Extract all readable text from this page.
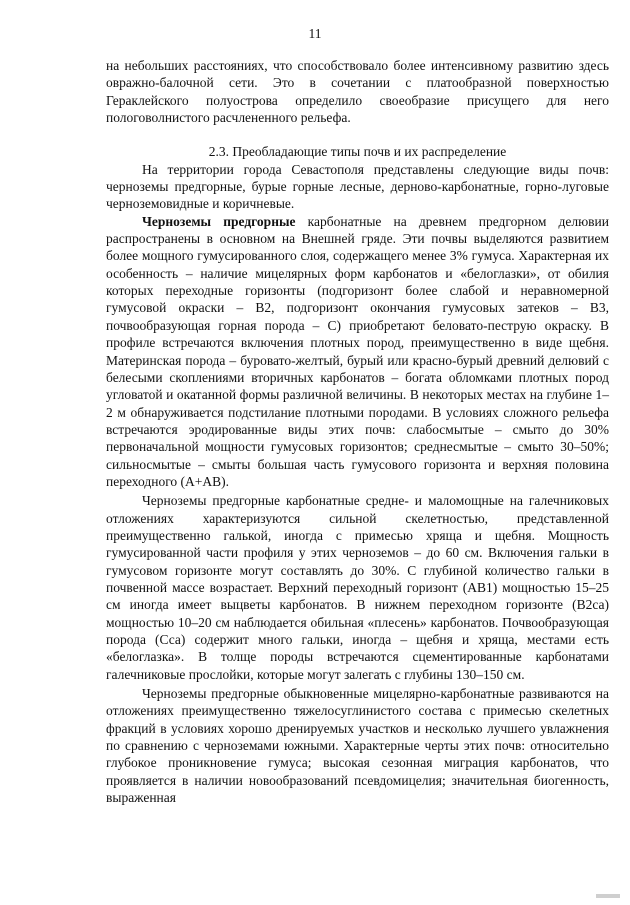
11

на небольших расстояниях, что способствовало более интенсивному развитию здесь овражно-балочной сети. Это в сочетании с платообразной поверхностью Гераклейского полуострова определило своеобразие присущего для него пологоволнистого расчлененного рельефа.

2.3. Преобладающие типы почв и их распределение

На территории города Севастополя представлены следующие виды почв: черноземы предгорные, бурые горные лесные, дерново-карбонатные, горно-луговые черноземовидные и коричневые.

Черноземы предгорные карбонатные на древнем предгорном делювии распространены в основном на Внешней гряде. Эти почвы выделяются развитием более мощного гумусированного слоя, содержащего менее 3% гумуса. Характерная их особенность – наличие мицелярных форм карбонатов и «белоглазки», от обилия которых переходные горизонты (подгоризонт более слабой и неравномерной гумусовой окраски – В2, подгоризонт окончания гумусовых затеков – В3, почвообразующая горная порода – С) приобретают беловато-пеструю окраску. В профиле встречаются включения плотных пород, преимущественно в виде щебня. Материнская порода – буровато-желтый, бурый или красно-бурый древний делювий с белесыми скоплениями вторичных карбонатов – богата обломками плотных пород угловатой и окатанной формы различной величины. В некоторых местах на глубине 1–2 м обнаруживается подстилание плотными породами. В условиях сложного рельефа встречаются эродированные виды этих почв: слабосмытые – смыто до 30% первоначальной мощности гумусовых горизонтов; среднесмытые – смыто 30–50%; сильносмытые – смыты большая часть гумусового горизонта и верхняя половина переходного (А+АВ).

Черноземы предгорные карбонатные средне- и маломощные на галечниковых отложениях характеризуются сильной скелетностью, представленной преимущественно галькой, иногда с примесью хряща и щебня. Мощность гумусированной части профиля у этих черноземов – до 60 см. Включения гальки в гумусовом горизонте могут составлять до 30%. С глубиной количество гальки в почвенной массе возрастает. Верхний переходный горизонт (АВ1) мощностью 15–25 см иногда имеет выцветы карбонатов. В нижнем переходном горизонте (В2са) мощностью 10–20 см наблюдается обильная «плесень» карбонатов. Почвообразующая порода (Сса) содержит много гальки, иногда – щебня и хряща, местами есть «белоглазка». В толще породы встречаются сцементированные карбонатами галечниковые прослойки, которые могут залегать с глубины 130–150 см.

Черноземы предгорные обыкновенные мицелярно-карбонатные развиваются на отложениях преимущественно тяжелосуглинистого состава с примесью скелетных фракций в условиях хорошо дренируемых участков и несколько лучшего увлажнения по сравнению с черноземами южными. Характерные черты этих почв: относительно глубокое проникновение гумуса; высокая сезонная миграция карбонатов, что проявляется в наличии новообразований псевдомицелия; значительная биогенность, выраженная
